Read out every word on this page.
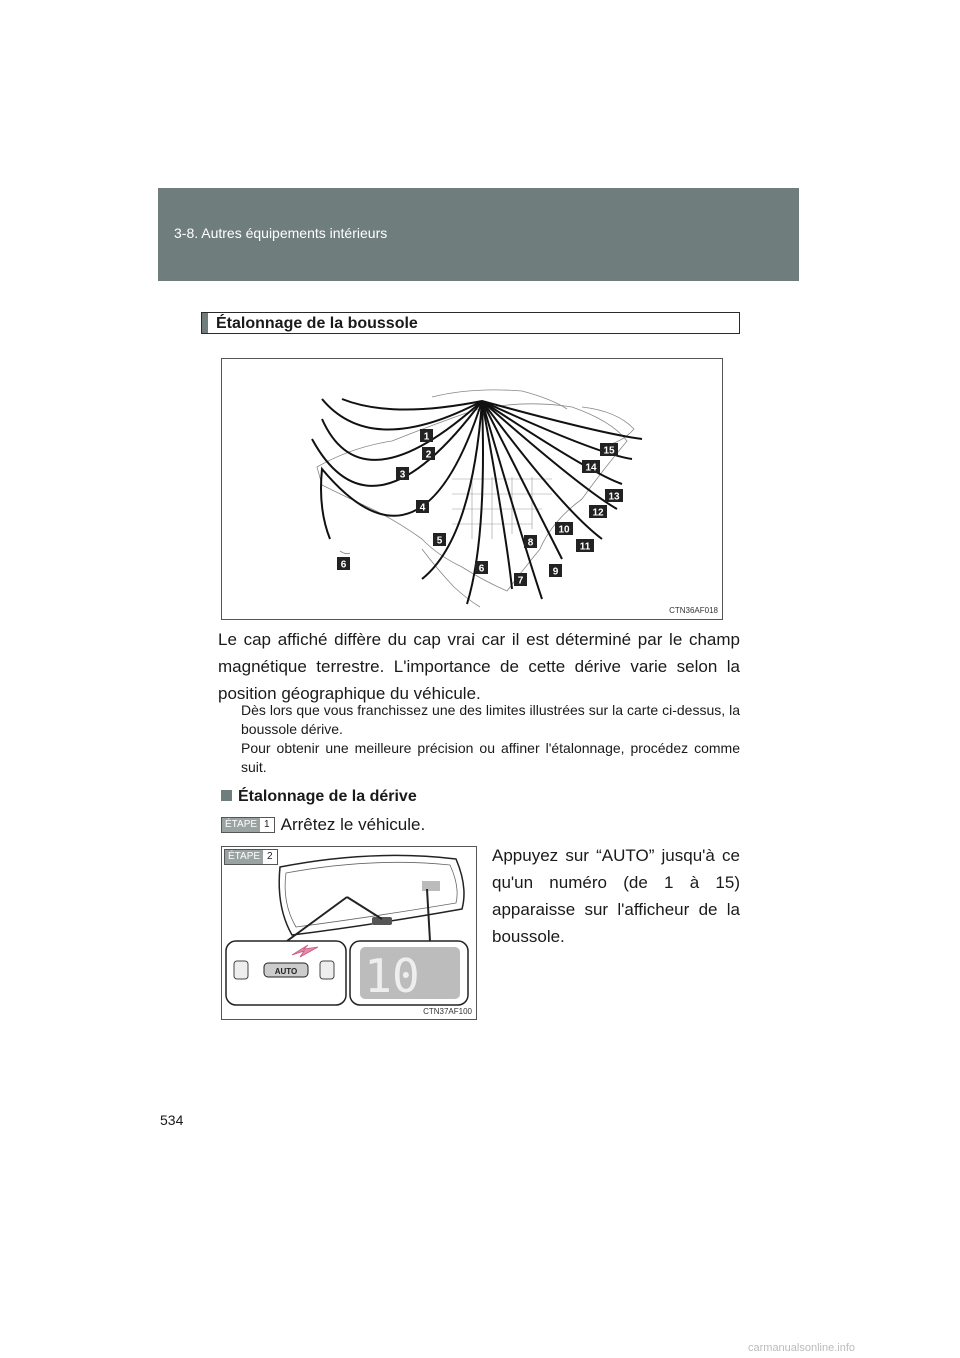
3-8. Autres équipements intérieurs
Étalonnage de la boussole
1
2
3
4
5
6	6
7
8
9
10
11
12
13
14
15
CTN36AF018
Le cap affiché diffère du cap vrai car il est déterminé par le champ magnétique terrestre. L'importance de cette dérive varie selon la position géographique du véhicule.
Dès lors que vous franchissez une des limites illustrées sur la carte ci-dessus, la boussole dérive.
Pour obtenir une meilleure précision ou affiner l'étalonnage, procédez comme suit.
Étalonnage de la dérive
ÉTAPE 1 Arrêtez le véhicule.
ÉTAPE 2
AUTO 10
CTN37AF100
Appuyez sur “AUTO” jusqu'à ce qu'un numéro (de 1 à 15) apparaisse sur l'afficheur de la boussole.
534
carmanualsonline.info
